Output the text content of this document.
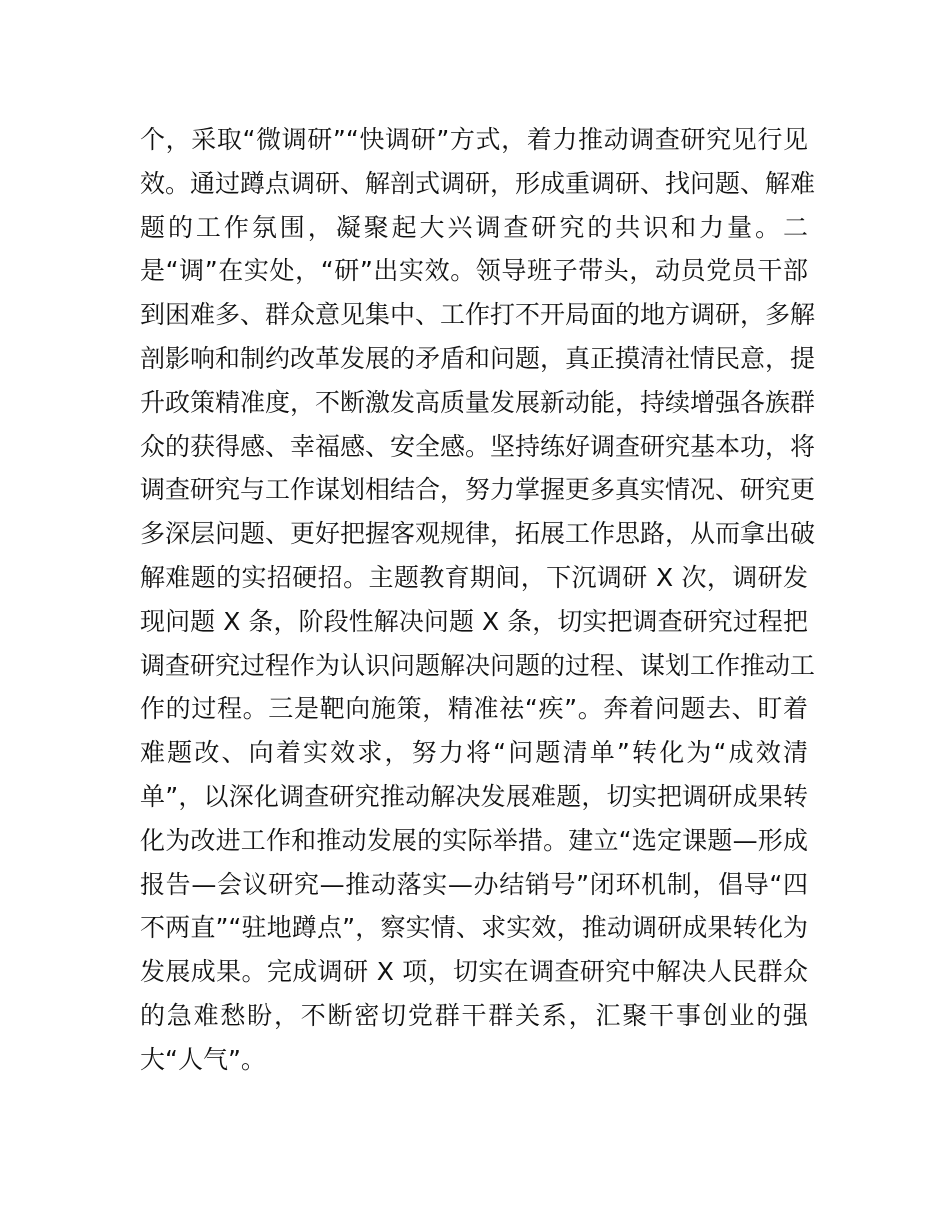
个，采取“微调研”“快调研”方式，着力推动调查研究见行见
效。通过蹲点调研、解剖式调研，形成重调研、找问题、解难
题的工作氛围，凝聚起大兴调查研究的共识和力量。二
是“调”在实处，“研”出实效。领导班子带头，动员党员干部
到困难多、群众意见集中、工作打不开局面的地方调研，多解
剖影响和制约改革发展的矛盾和问题，真正摸清社情民意，提
升政策精准度，不断激发高质量发展新动能，持续增强各族群
众的获得感、幸福感、安全感。坚持练好调查研究基本功，将
调查研究与工作谋划相结合，努力掌握更多真实情况、研究更
多深层问题、更好把握客观规律，拓展工作思路，从而拿出破
解难题的实招硬招。主题教育期间，下沉调研 X 次，调研发
现问题 X 条，阶段性解决问题 X 条，切实把调查研究过程把
调查研究过程作为认识问题解决问题的过程、谋划工作推动工
作的过程。三是靶向施策，精准祛“疾”。奔着问题去、盯着
难题改、向着实效求，努力将“问题清单”转化为“成效清
单”，以深化调查研究推动解决发展难题，切实把调研成果转
化为改进工作和推动发展的实际举措。建立“选定课题—形成
报告—会议研究—推动落实—办结销号”闭环机制，倡导“四
不两直”“驻地蹲点”，察实情、求实效，推动调研成果转化为
发展成果。完成调研 X 项，切实在调查研究中解决人民群众
的急难愁盼，不断密切党群干群关系，汇聚干事创业的强
大“人气”。
